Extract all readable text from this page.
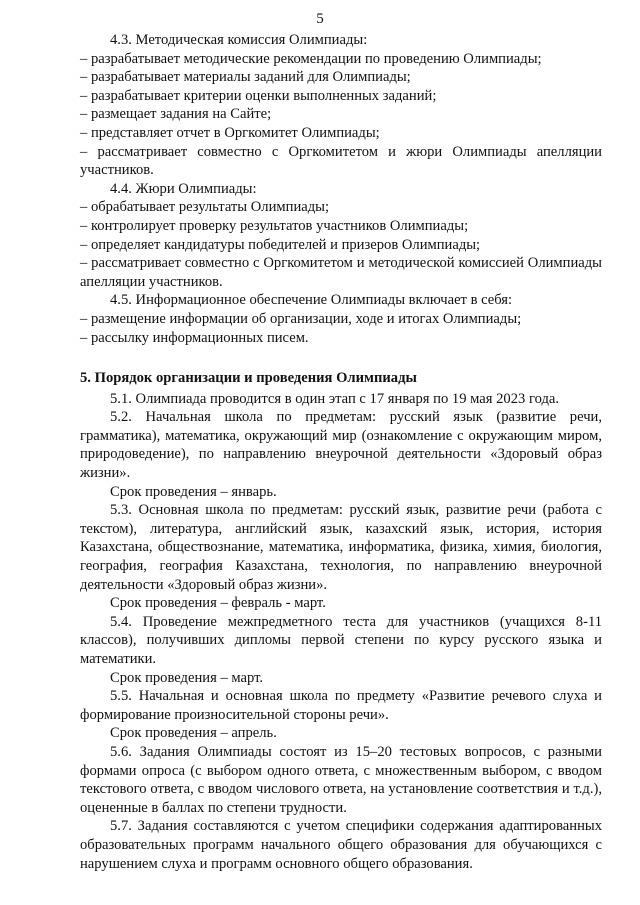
5

4.3. Методическая комиссия Олимпиады:

– разрабатывает методические рекомендации по проведению Олимпиады;

– разрабатывает материалы заданий для Олимпиады;

– разрабатывает критерии оценки выполненных заданий;

– размещает задания на Сайте;

– представляет отчет в Оргкомитет Олимпиады;

– рассматривает совместно с Оргкомитетом и жюри Олимпиады апелляции участников.

4.4. Жюри Олимпиады:

– обрабатывает результаты Олимпиады;

– контролирует проверку результатов участников Олимпиады;

– определяет кандидатуры победителей и призеров Олимпиады;

– рассматривает совместно с Оргкомитетом и методической комиссией Олимпиады апелляции участников.

4.5. Информационное обеспечение Олимпиады включает в себя:

– размещение информации об организации, ходе и итогах Олимпиады;

– рассылку информационных писем.

5. Порядок организации и проведения Олимпиады

5.1. Олимпиада проводится в один этап с 17 января по 19 мая 2023 года.

5.2. Начальная школа по предметам: русский язык (развитие речи, грамматика), математика, окружающий мир (ознакомление с окружающим миром, природоведение), по направлению внеурочной деятельности «Здоровый образ жизни».

Срок проведения – январь.

5.3. Основная школа по предметам: русский язык, развитие речи (работа с текстом), литература, английский язык, казахский язык, история, история Казахстана, обществознание, математика, информатика, физика, химия, биология, география, география Казахстана, технология, по направлению внеурочной деятельности «Здоровый образ жизни».

Срок проведения – февраль - март.

5.4. Проведение межпредметного теста для участников (учащихся 8-11 классов), получивших дипломы первой степени по курсу русского языка и математики.

Срок проведения – март.

5.5. Начальная и основная школа по предмету «Развитие речевого слуха и формирование произносительной стороны речи».

Срок проведения – апрель.

5.6. Задания Олимпиады состоят из 15–20 тестовых вопросов, с разными формами опроса (с выбором одного ответа, с множественным выбором, с вводом текстового ответа, с вводом числового ответа, на установление соответствия и т.д.), оцененные в баллах по степени трудности.

5.7. Задания составляются с учетом специфики содержания адаптированных образовательных программ начального общего образования для обучающихся с нарушением слуха и программ основного общего образования.
